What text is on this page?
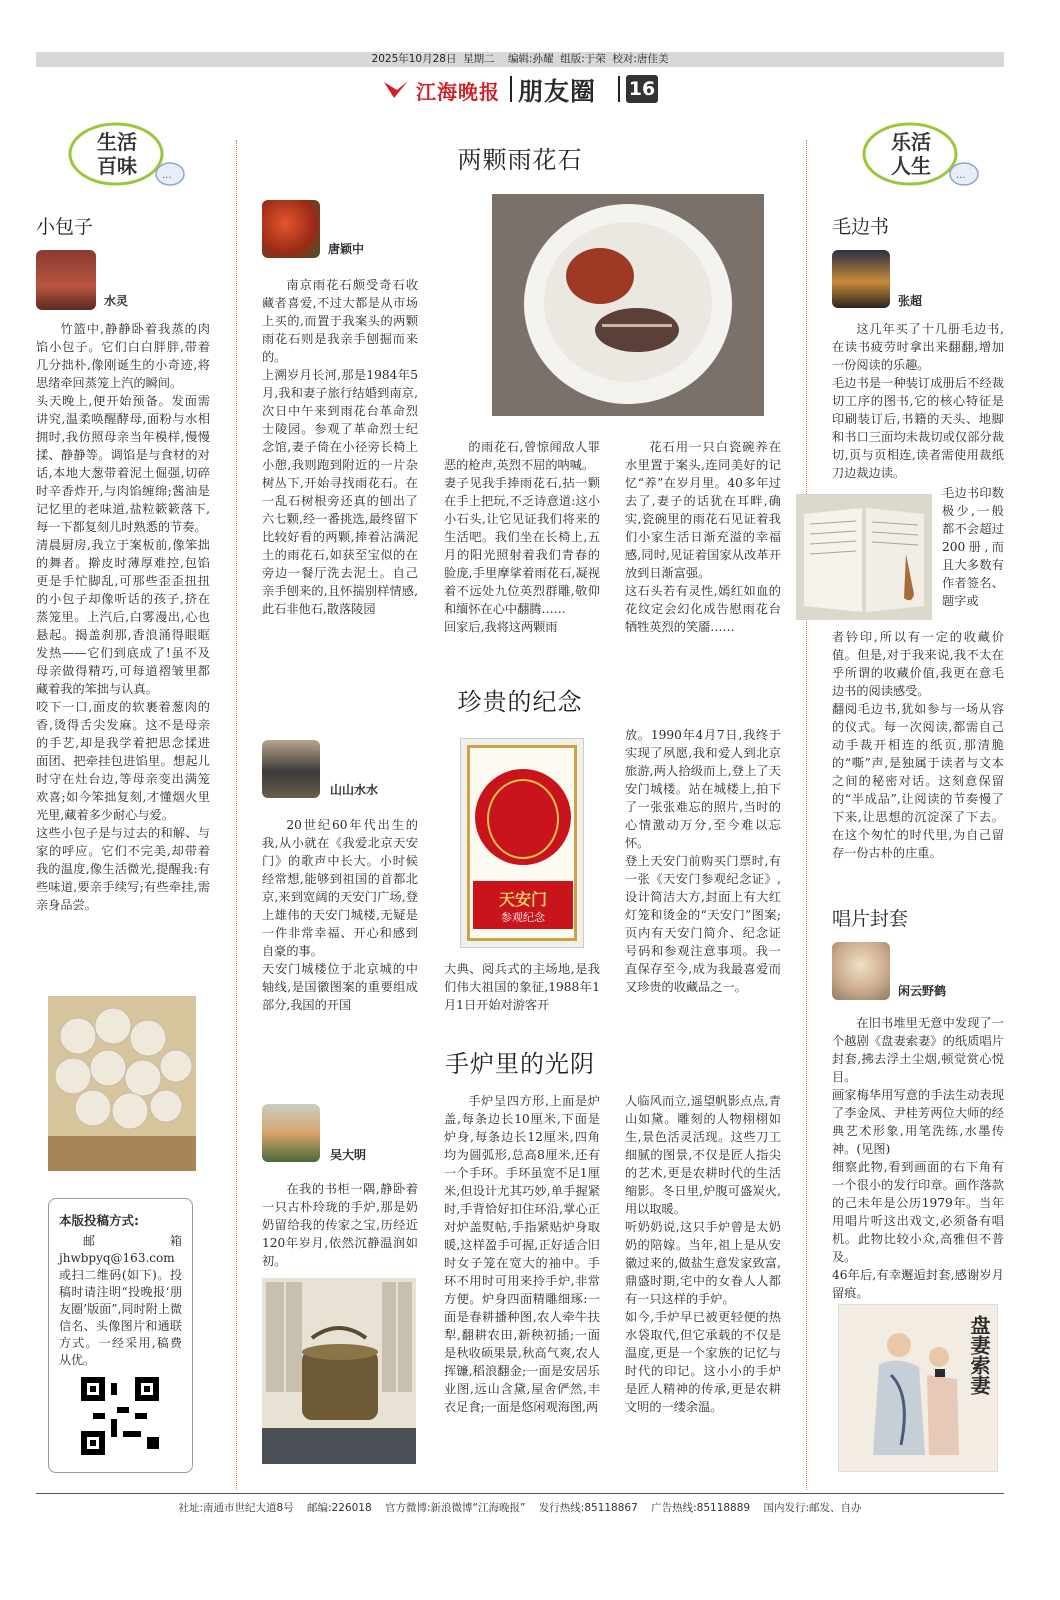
2025年10月28日  星期二    编辑:孙耀  组版:于荣  校对:唐佳美
江海晚报 朋友圈 16
...
生活
百味	...
乐活
人生
小包子
水灵
竹篮中,静静卧着我蒸的肉馅小包子。它们白白胖胖,带着几分拙朴,像刚诞生的小奇迹,将思绪牵回蒸笼上汽的瞬间。
头天晚上,便开始预备。发面需讲究,温柔唤醒酵母,面粉与水相拥时,我仿照母亲当年模样,慢慢揉、静静等。调馅是与食材的对话,本地大葱带着泥土倔强,切碎时辛香炸开,与肉馅缠绵;酱油是记忆里的老味道,盐粒簌簌落下,每一下都复刻儿时熟悉的节奏。
清晨厨房,我立于案板前,像笨拙的舞者。擀皮时薄厚难控,包馅更是手忙脚乱,可那些歪歪扭扭的小包子却像听话的孩子,挤在蒸笼里。上汽后,白雾漫出,心也悬起。揭盖刹那,香浪涌得眼眶发热——它们到底成了!虽不及母亲做得精巧,可每道褶皱里都藏着我的笨拙与认真。
咬下一口,面皮的软裹着葱肉的香,烫得舌尖发麻。这不是母亲的手艺,却是我学着把思念揉进面团、把牵挂包进馅里。想起儿时守在灶台边,等母亲变出满笼欢喜;如今笨拙复刻,才懂烟火里光里,藏着多少耐心与爱。
这些小包子是与过去的和解、与家的呼应。它们不完美,却带着我的温度,像生活微光,提醒我:有些味道,要亲手续写;有些牵挂,需亲身品尝。
本版投稿方式:
邮箱jhwbpyq@163.com或扫二维码(如下)。投稿时请注明“投晚报‘朋友圈’版面”,同时附上微信名、头像图片和通联方式。一经采用,稿费从优。
两颗雨花石
唐颖中
南京雨花石颇受奇石收藏者喜爱,不过大都是从市场上买的,而置于我案头的两颗雨花石则是我亲手刨掘而来的。
上溯岁月长河,那是1984年5月,我和妻子旅行结婚到南京,次日中午来到雨花台革命烈士陵园。参观了革命烈士纪念馆,妻子倚在小径旁长椅上小憩,我则跑到附近的一片杂树丛下,开始寻找雨花石。在一乱石树根旁还真的刨出了六七颗,经一番挑选,最终留下比较好看的两颗,捧着沾满泥土的雨花石,如获至宝似的在旁边一餐厅洗去泥土。自己亲手刨来的,且怀揣别样情感,此石非他石,散落陵园
的雨花石,曾惊闻敌人罪恶的枪声,英烈不屈的呐喊。
妻子见我手捧雨花石,拈一颗在手上把玩,不乏诗意道:这小小石头,让它见证我们将来的生活吧。我们坐在长椅上,五月的阳光照射着我们青春的脸庞,手里摩挲着雨花石,凝视着不远处九位英烈群雕,敬仰和缅怀在心中翻腾……
回家后,我将这两颗雨
花石用一只白瓷碗养在水里置于案头,连同美好的记忆“养”在岁月里。40多年过去了,妻子的话犹在耳畔,确实,瓷碗里的雨花石见证着我们小家生活日渐充溢的幸福感,同时,见证着国家从改革开放到日渐富强。
这石头若有灵性,嫣红如血的花纹定会幻化成告慰雨花台牺牲英烈的笑靥……
珍贵的纪念
山山水水
20世纪60年代出生的我,从小就在《我爱北京天安门》的歌声中长大。小时候经常想,能够到祖国的首都北京,来到宽阔的天安门广场,登上雄伟的天安门城楼,无疑是一件非常幸福、开心和感到自豪的事。
天安门城楼位于北京城的中轴线,是国徽图案的重要组成部分,我国的开国
天安门
参观纪念
大典、阅兵式的主场地,是我们伟大祖国的象征,1988年1月1日开始对游客开
放。1990年4月7日,我终于实现了夙愿,我和爱人到北京旅游,两人拾级而上,登上了天安门城楼。站在城楼上,拍下了一张张难忘的照片,当时的心情激动万分,至今难以忘怀。
登上天安门前购买门票时,有一张《天安门参观纪念证》,设计简洁大方,封面上有大红灯笼和烫金的“天安门”图案;页内有天安门简介、纪念证号码和参观注意事项。我一直保存至今,成为我最喜爱而又珍贵的收藏品之一。
手炉里的光阴
吴大明
在我的书柜一隅,静卧着一只古朴玲珑的手炉,那是奶奶留给我的传家之宝,历经近120年岁月,依然沉静温润如初。
手炉呈四方形,上面是炉盖,每条边长10厘米,下面是炉身,每条边长12厘米,四角均为圆弧形,总高8厘米,还有一个手环。手环虽宽不足1厘米,但设计尤其巧妙,单手握紧时,手背恰好扣住环沿,掌心正对炉盖熨帖,手指紧贴炉身取暖,这样盈手可握,正好适合旧时女子笼在宽大的袖中。手环不用时可用来拎手炉,非常方便。炉身四面精雕细琢:一面是春耕播种图,农人牵牛扶犁,翻耕农田,新秧初插;一面是秋收硕果景,秋高气爽,农人挥镰,稻浪翻金;一面是安居乐业图,远山含黛,屋舍俨然,丰衣足食;一面是悠闲观海图,两
人临风而立,遥望帆影点点,青山如黛。雕刻的人物栩栩如生,景色活灵活现。这些刀工细腻的图景,不仅是匠人指尖的艺术,更是农耕时代的生活缩影。冬日里,炉腹可盛炭火,用以取暖。
听奶奶说,这只手炉曾是太奶奶的陪嫁。当年,祖上是从安徽过来的,做盐生意发家致富,鼎盛时期,宅中的女眷人人都有一只这样的手炉。
如今,手炉早已被更轻便的热水袋取代,但它承载的不仅是温度,更是一个家族的记忆与时代的印记。这小小的手炉是匠人精神的传承,更是农耕文明的一缕余温。
毛边书
张超
这几年买了十几册毛边书,在读书疲劳时拿出来翻翻,增加一份阅读的乐趣。
毛边书是一种装订成册后不经裁切工序的图书,它的核心特征是印刷装订后,书籍的天头、地脚和书口三面均未裁切或仅部分裁切,页与页相连,读者需使用裁纸刀边裁边读。
毛边书印数极少,一般都不会超过200册,而且大多数有作者签名、题字或
者钤印,所以有一定的收藏价值。但是,对于我来说,我不太在乎所谓的收藏价值,我更在意毛边书的阅读感受。
翻阅毛边书,犹如参与一场从容的仪式。每一次阅读,都需自己动手裁开相连的纸页,那清脆的“嘶”声,是独属于读者与文本之间的秘密对话。这刻意保留的“半成品”,让阅读的节奏慢了下来,让思想的沉淀深了下去。在这个匆忙的时代里,为自己留存一份古朴的庄重。
唱片封套
闲云野鹤
在旧书堆里无意中发现了一个越剧《盘妻索妻》的纸质唱片封套,拂去浮土尘烟,顿觉赏心悦目。
画家梅华用写意的手法生动表现了李金凤、尹桂芳两位大师的经典艺术形象,用笔洗练,水墨传神。(见图)
细察此物,看到画面的右下角有一个很小的发行印章。画作落款的己未年是公历1979年。当年用唱片听这出戏文,必须备有唱机。此物比较小众,高雅但不普及。
46年后,有幸邂逅封套,感谢岁月留痕。
盘妻索妻
社址:南通市世纪大道8号    邮编:226018    官方微博:新浪微博“江海晚报”    发行热线:85118867    广告热线:85118889    国内发行:邮发、自办
